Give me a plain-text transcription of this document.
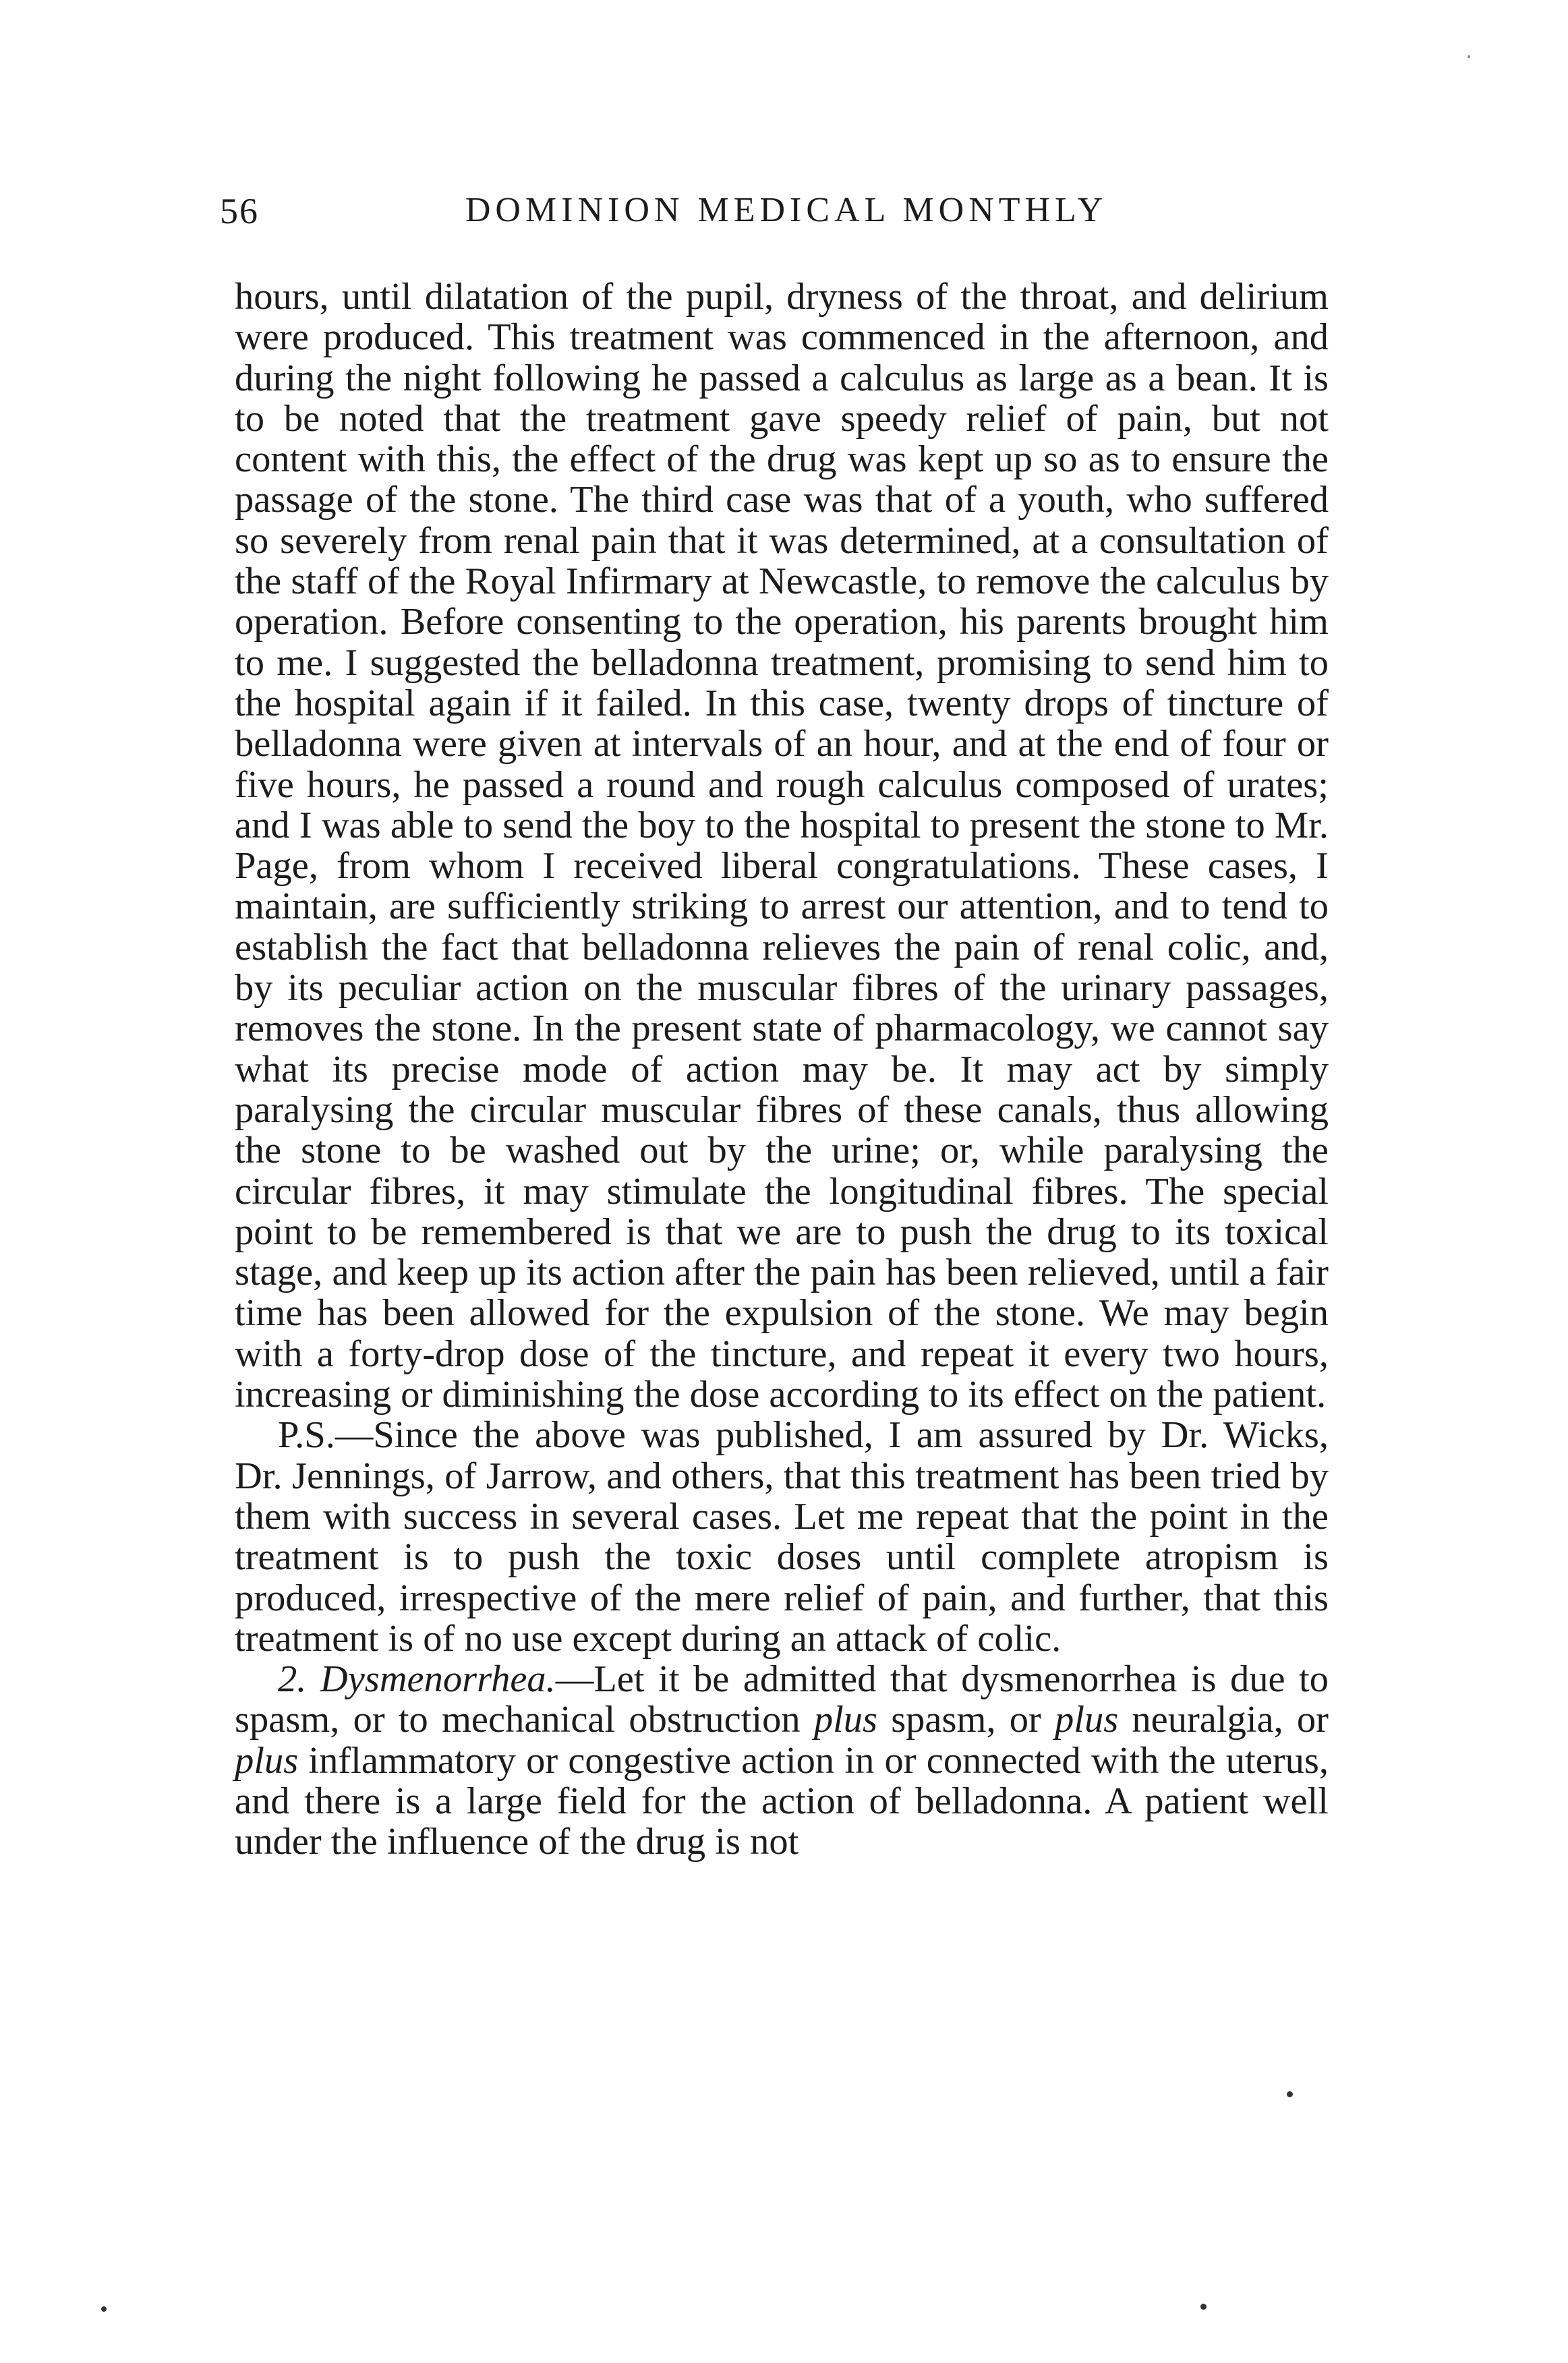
56	DOMINION MEDICAL MONTHLY

hours, until dilatation of the pupil, dryness of the throat, and delirium were produced. This treatment was commenced in the afternoon, and during the night following he passed a calculus as large as a bean. It is to be noted that the treatment gave speedy relief of pain, but not content with this, the effect of the drug was kept up so as to ensure the passage of the stone. The third case was that of a youth, who suffered so severely from renal pain that it was determined, at a consultation of the staff of the Royal Infirmary at Newcastle, to remove the calculus by operation. Before consenting to the operation, his parents brought him to me. I suggested the belladonna treatment, promising to send him to the hospital again if it failed. In this case, twenty drops of tincture of belladonna were given at intervals of an hour, and at the end of four or five hours, he passed a round and rough calculus composed of urates; and I was able to send the boy to the hospital to present the stone to Mr. Page, from whom I received liberal congratulations. These cases, I maintain, are sufficiently striking to arrest our attention, and to tend to establish the fact that belladonna relieves the pain of renal colic, and, by its peculiar action on the muscular fibres of the urinary passages, removes the stone. In the present state of pharmacology, we cannot say what its precise mode of action may be. It may act by simply paralysing the circular muscular fibres of these canals, thus allowing the stone to be washed out by the urine; or, while paralysing the circular fibres, it may stimulate the longitudinal fibres. The special point to be remembered is that we are to push the drug to its toxical stage, and keep up its action after the pain has been relieved, until a fair time has been allowed for the expulsion of the stone. We may begin with a forty-drop dose of the tincture, and repeat it every two hours, increasing or diminishing the dose according to its effect on the patient.

P.S.—Since the above was published, I am assured by Dr. Wicks, Dr. Jennings, of Jarrow, and others, that this treatment has been tried by them with success in several cases. Let me repeat that the point in the treatment is to push the toxic doses until complete atropism is produced, irrespective of the mere relief of pain, and further, that this treatment is of no use except during an attack of colic.

2. Dysmenorrhea.—Let it be admitted that dysmenorrhea is due to spasm, or to mechanical obstruction plus spasm, or plus neuralgia, or plus inflammatory or congestive action in or connected with the uterus, and there is a large field for the action of belladonna. A patient well under the influence of the drug is not
